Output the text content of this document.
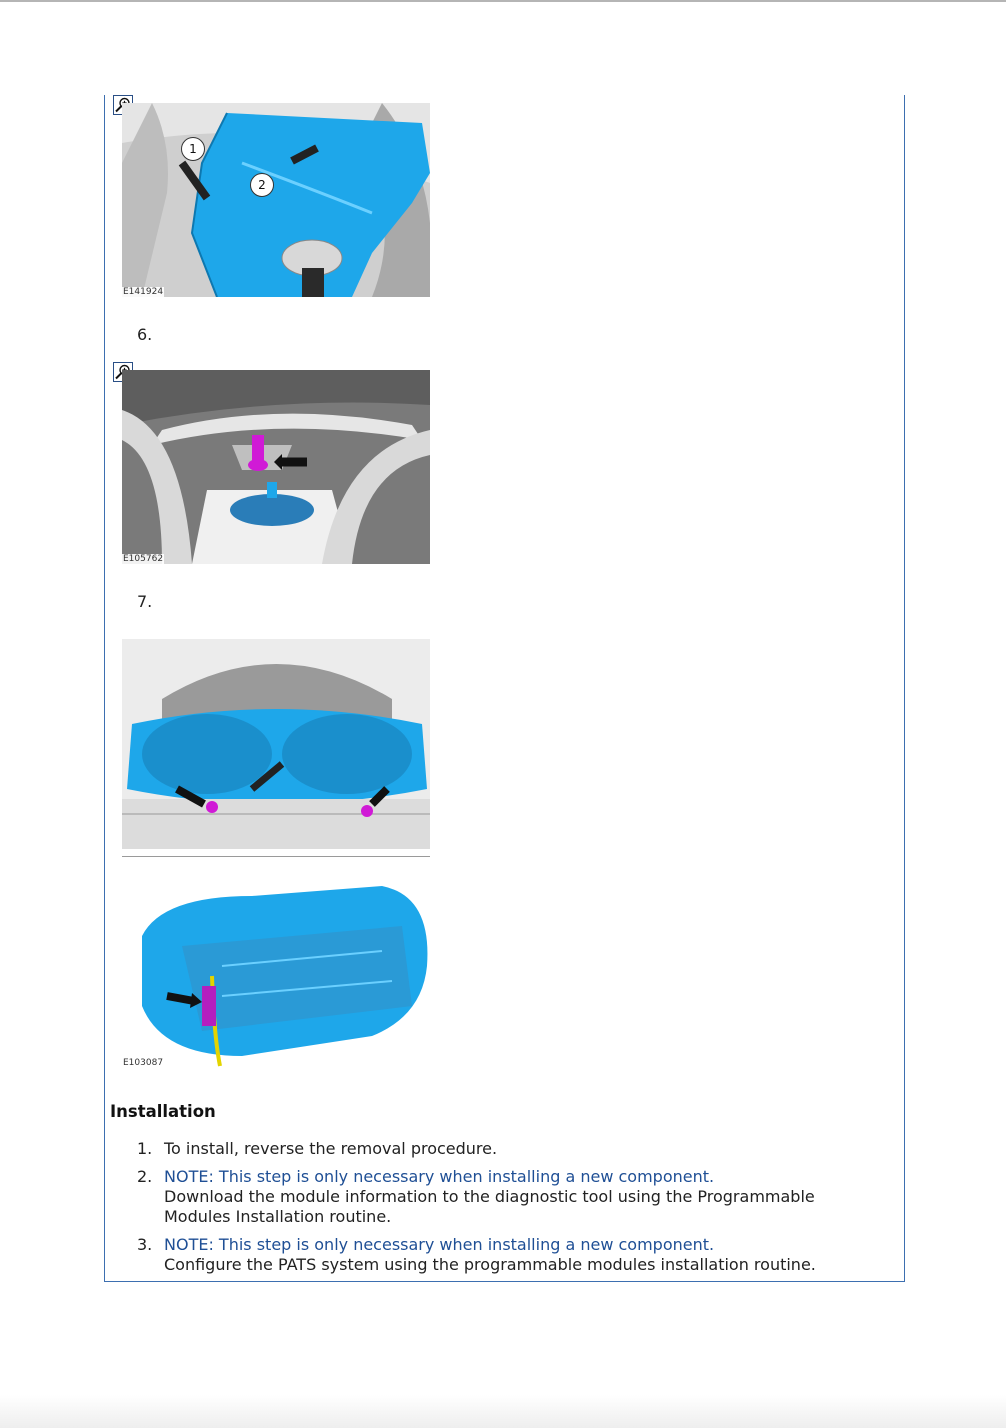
E141924
1
2
6.
E105762
7.
E103087
Installation
1. To install, reverse the removal procedure.
2. NOTE: This step is only necessary when installing a new component.
Download the module information to the diagnostic tool using the Programmable Modules Installation routine.
3. NOTE: This step is only necessary when installing a new component.
Configure the PATS system using the programmable modules installation routine.
